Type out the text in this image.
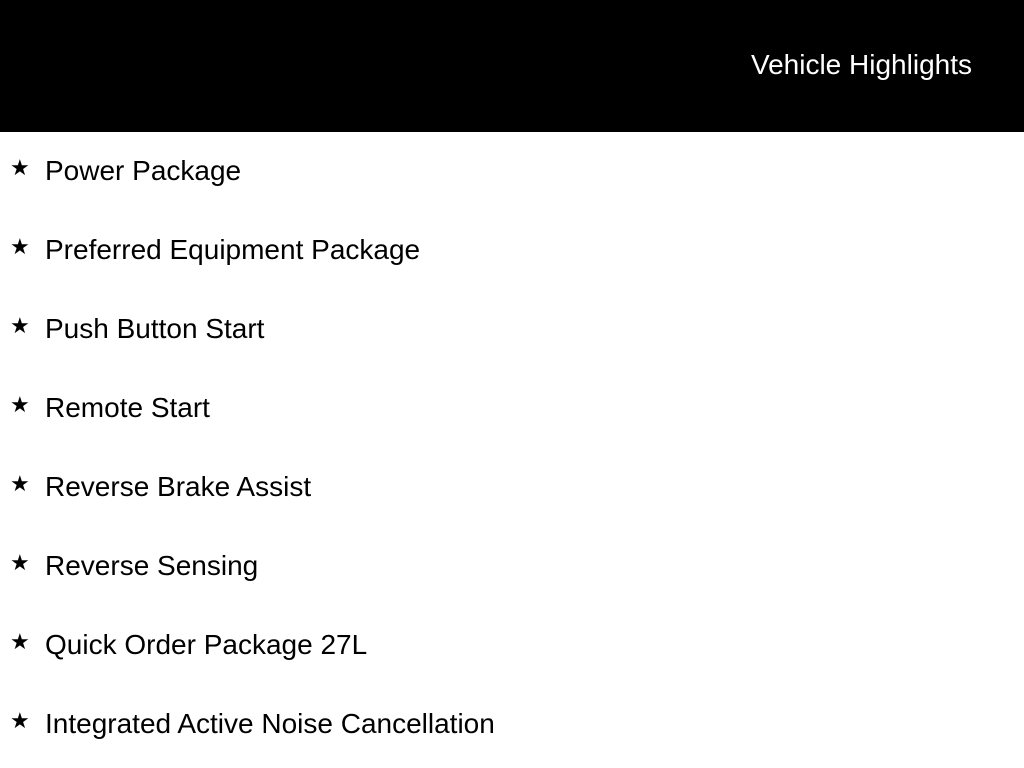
Vehicle Highlights
★ Power Package
★ Preferred Equipment Package
★ Push Button Start
★ Remote Start
★ Reverse Brake Assist
★ Reverse Sensing
★ Quick Order Package 27L
★ Integrated Active Noise Cancellation
